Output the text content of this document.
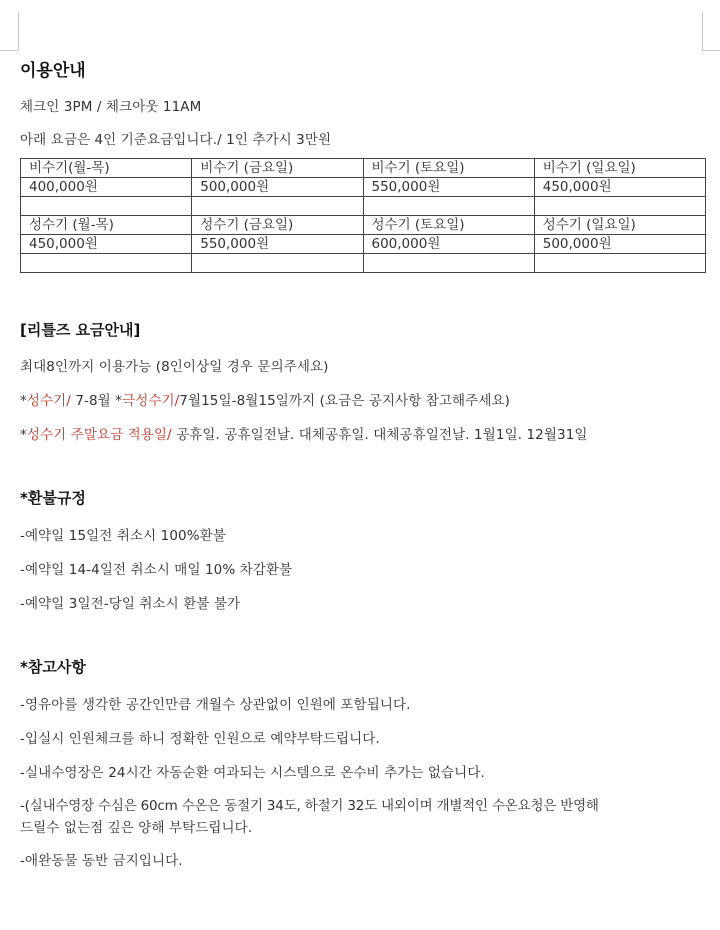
이용안내
체크인 3PM / 체크아웃 11AM
아래 요금은 4인 기준요금입니다./ 1인 추가시 3만원
비수기(월-목)	비수기 (금요일)	비수기 (토요일)	비수기 (일요일)
400,000원	500,000원	550,000원	450,000원

성수기 (월-목)	성수기 (금요일)	성수기 (토요일)	성수기 (일요일)
450,000원	550,000원	600,000원	500,000원

[리틀즈 요금안내]
최대8인까지 이용가능 (8인이상일 경우 문의주세요)
*성수기/ 7-8월 *극성수기/7월15일-8월15일까지 (요금은 공지사항 참고해주세요)
*성수기 주말요금 적용일/ 공휴일. 공휴일전날. 대체공휴일. 대체공휴일전날. 1월1일. 12월31일
*환불규정
-예약일 15일전 취소시 100%환불
-예약일 14-4일전 취소시 매일 10% 차감환불
-예약일 3일전-당일 취소시 환불 불가
*참고사항
-영유아를 생각한 공간인만큼 개월수 상관없이 인원에 포함됩니다.
-입실시 인원체크를 하니 정확한 인원으로 예약부탁드립니다.
-실내수영장은 24시간 자동순환 여과되는 시스템으로 온수비 추가는 없습니다.
-(실내수영장 수심은 60cm 수온은 동절기 34도, 하절기 32도 내외이며 개별적인 수온요청은 반영해
드릴수 없는점 깊은 양해 부탁드립니다.
-애완동물 동반 금지입니다.
